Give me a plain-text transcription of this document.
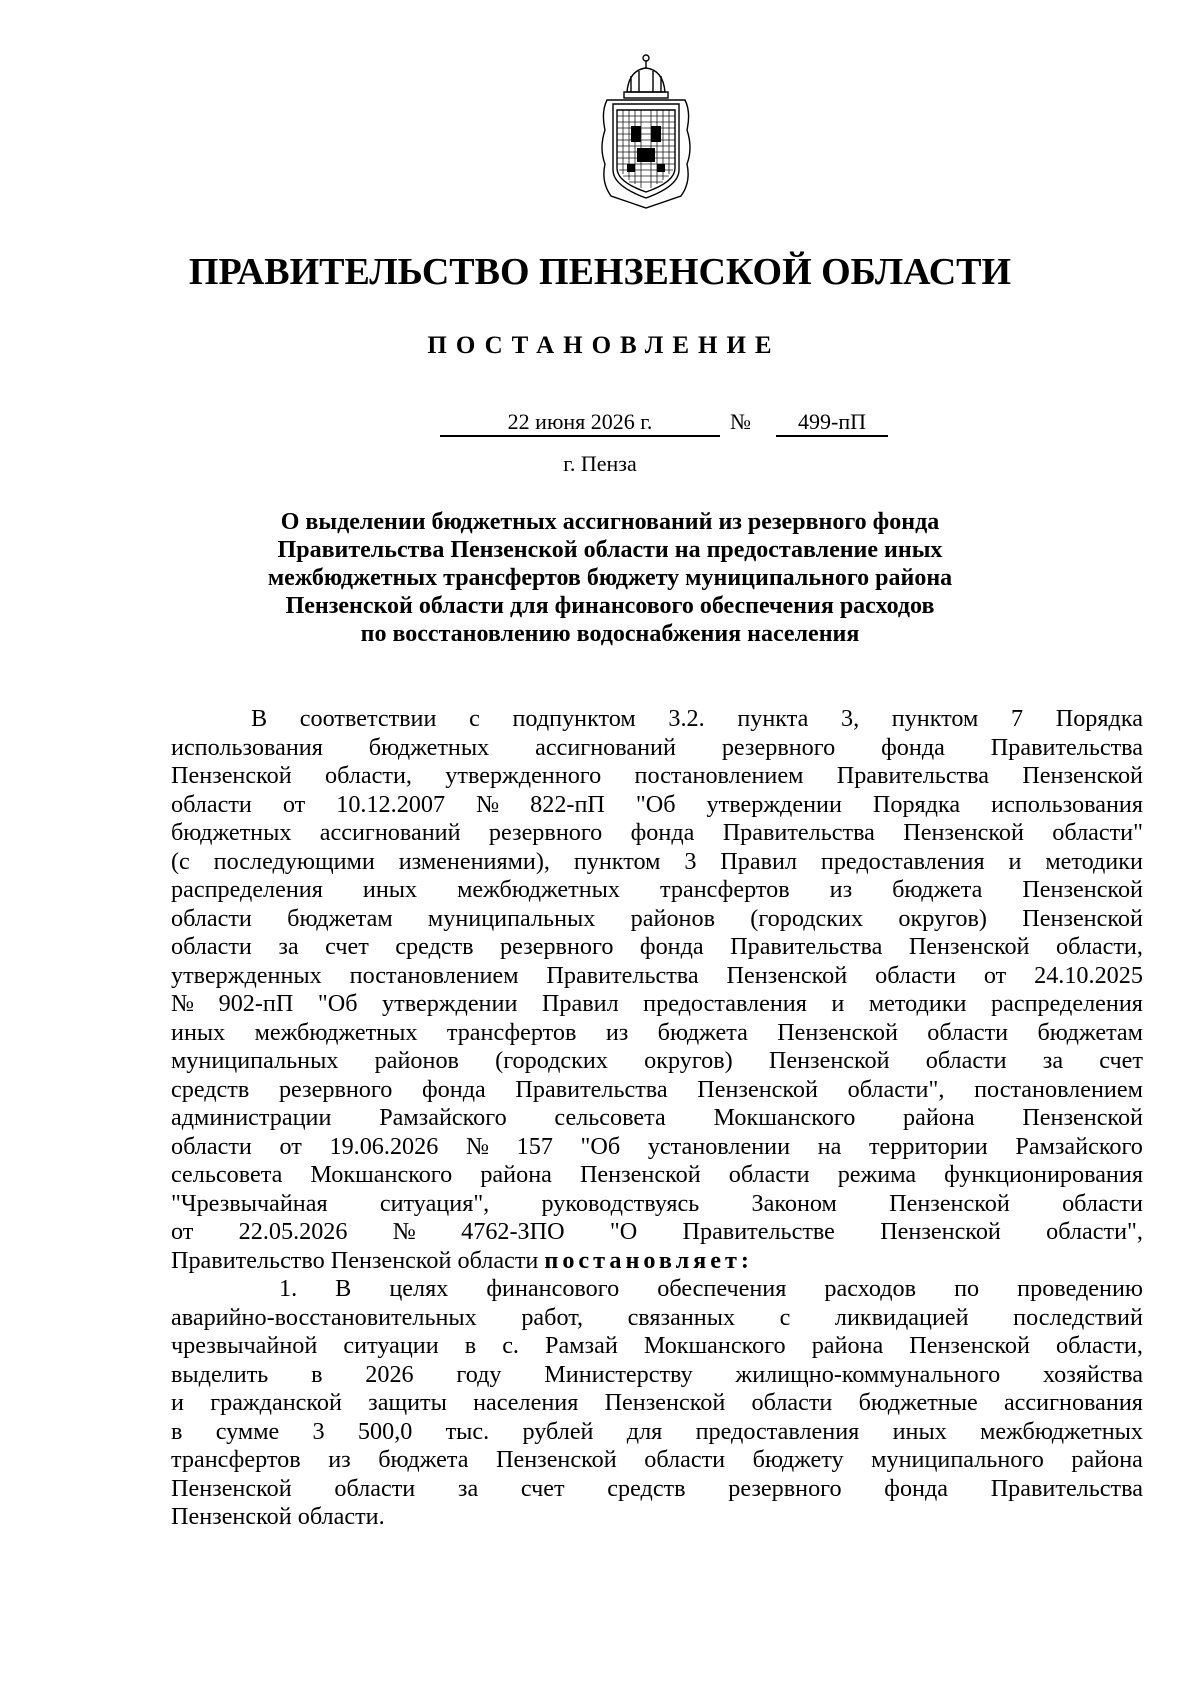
ПРАВИТЕЛЬСТВО ПЕНЗЕНСКОЙ ОБЛАСТИ
ПОСТАНОВЛЕНИЕ
22 июня 2026 г.	№	499-пП
г. Пенза
О выделении бюджетных ассигнований из резервного фонда
Правительства Пензенской области на предоставление иных
межбюджетных трансфертов бюджету муниципального района
Пензенской области для финансового обеспечения расходов
по восстановлению водоснабжения населения
В соответствии с подпунктом 3.2. пункта 3, пунктом 7 Порядка
использования бюджетных ассигнований резервного фонда Правительства
Пензенской области, утвержденного постановлением Правительства Пензенской
области от 10.12.2007 № 822-пП "Об утверждении Порядка использования
бюджетных ассигнований резервного фонда Правительства Пензенской области"
(с последующими изменениями), пунктом 3 Правил предоставления и методики
распределения иных межбюджетных трансфертов из бюджета Пензенской
области бюджетам муниципальных районов (городских округов) Пензенской
области за счет средств резервного фонда Правительства Пензенской области,
утвержденных постановлением Правительства Пензенской области от 24.10.2025
№ 902-пП "Об утверждении Правил предоставления и методики распределения
иных межбюджетных трансфертов из бюджета Пензенской области бюджетам
муниципальных районов (городских округов) Пензенской области за счет
средств резервного фонда Правительства Пензенской области", постановлением
администрации Рамзайского сельсовета Мокшанского района Пензенской
области от 19.06.2026 № 157 "Об установлении на территории Рамзайского
сельсовета Мокшанского района Пензенской области режима функционирования
"Чрезвычайная ситуация", руководствуясь Законом Пензенской области
от 22.05.2026 № 4762-ЗПО "О Правительстве Пензенской области",
Правительство Пензенской области постановляет:
1. В целях финансового обеспечения расходов по проведению
аварийно-восстановительных работ, связанных с ликвидацией последствий
чрезвычайной ситуации в с. Рамзай Мокшанского района Пензенской области,
выделить в 2026 году Министерству жилищно-коммунального хозяйства
и гражданской защиты населения Пензенской области бюджетные ассигнования
в сумме 3 500,0 тыс. рублей для предоставления иных межбюджетных
трансфертов из бюджета Пензенской области бюджету муниципального района
Пензенской области за счет средств резервного фонда Правительства
Пензенской области.
